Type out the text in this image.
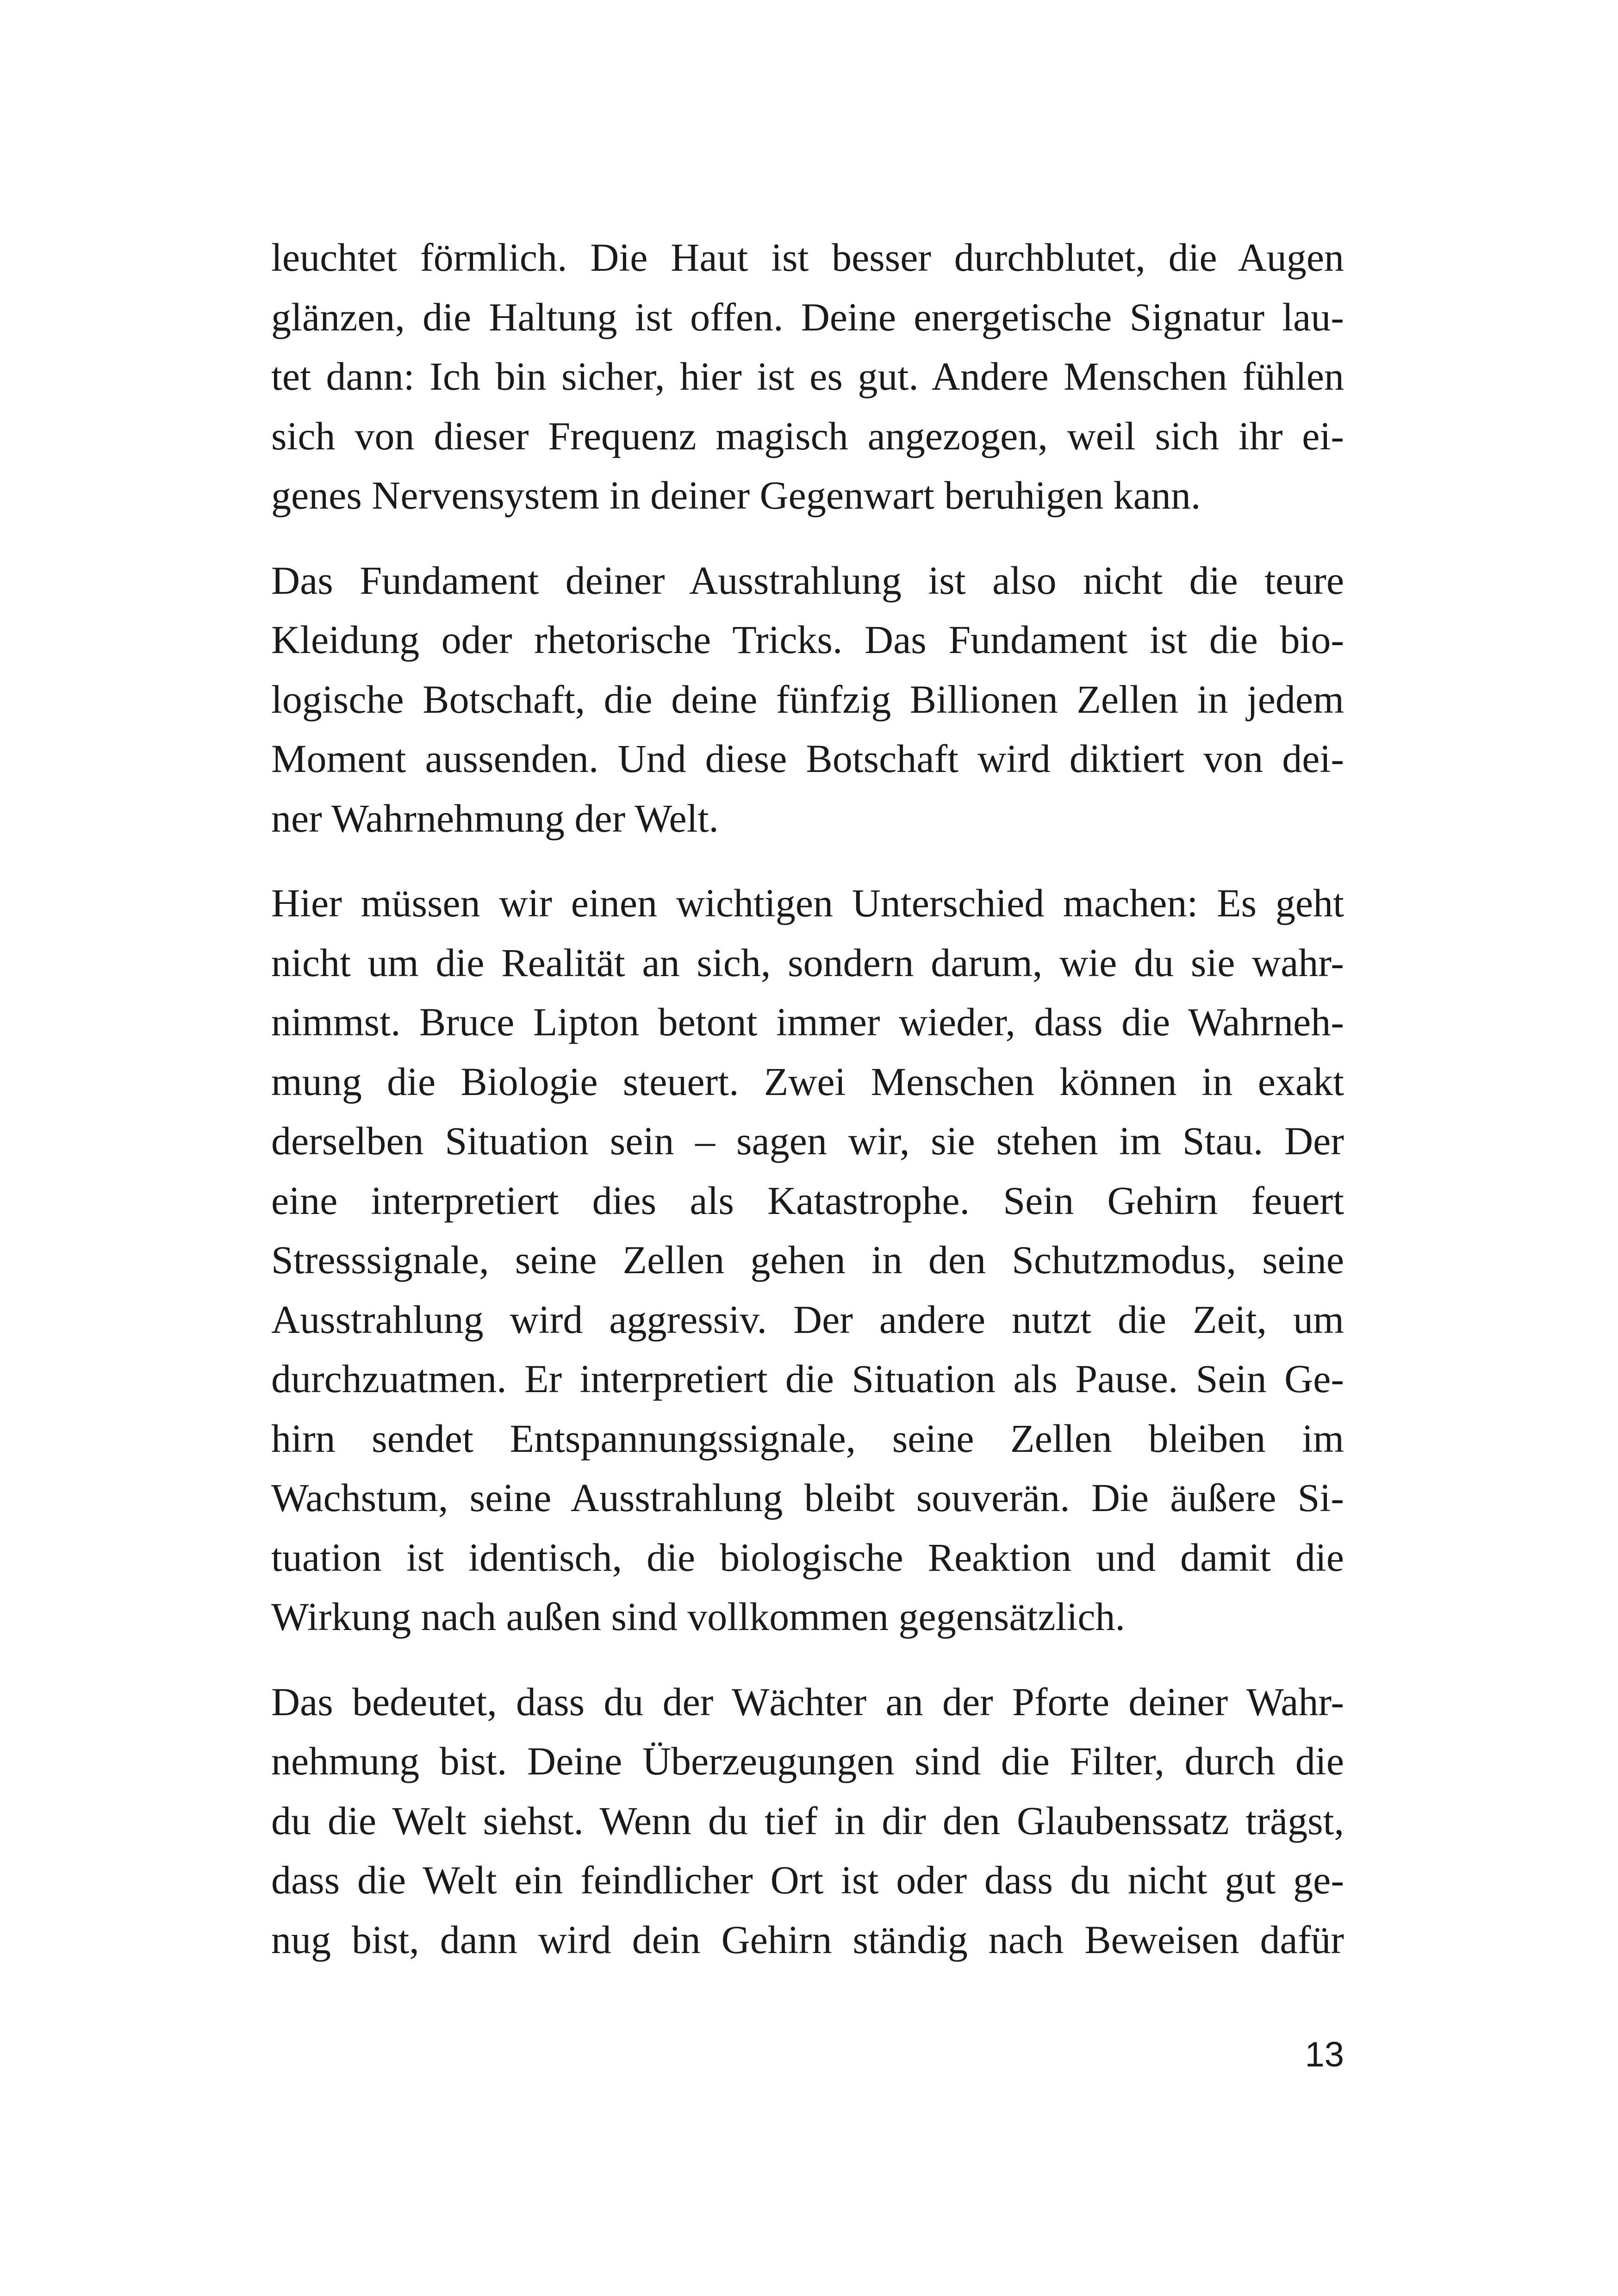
leuchtet förmlich. Die Haut ist besser durchblutet, die Augen
glänzen, die Haltung ist offen. Deine energetische Signatur lau-
tet dann: Ich bin sicher, hier ist es gut. Andere Menschen fühlen
sich von dieser Frequenz magisch angezogen, weil sich ihr ei-
genes Nervensystem in deiner Gegenwart beruhigen kann.

Das Fundament deiner Ausstrahlung ist also nicht die teure
Kleidung oder rhetorische Tricks. Das Fundament ist die bio-
logische Botschaft, die deine fünfzig Billionen Zellen in jedem
Moment aussenden. Und diese Botschaft wird diktiert von dei-
ner Wahrnehmung der Welt.

Hier müssen wir einen wichtigen Unterschied machen: Es geht
nicht um die Realität an sich, sondern darum, wie du sie wahr-
nimmst. Bruce Lipton betont immer wieder, dass die Wahrneh-
mung die Biologie steuert. Zwei Menschen können in exakt
derselben Situation sein – sagen wir, sie stehen im Stau. Der
eine interpretiert dies als Katastrophe. Sein Gehirn feuert
Stresssignale, seine Zellen gehen in den Schutzmodus, seine
Ausstrahlung wird aggressiv. Der andere nutzt die Zeit, um
durchzuatmen. Er interpretiert die Situation als Pause. Sein Ge-
hirn sendet Entspannungssignale, seine Zellen bleiben im
Wachstum, seine Ausstrahlung bleibt souverän. Die äußere Si-
tuation ist identisch, die biologische Reaktion und damit die
Wirkung nach außen sind vollkommen gegensätzlich.

Das bedeutet, dass du der Wächter an der Pforte deiner Wahr-
nehmung bist. Deine Überzeugungen sind die Filter, durch die
du die Welt siehst. Wenn du tief in dir den Glaubenssatz trägst,
dass die Welt ein feindlicher Ort ist oder dass du nicht gut ge-
nug bist, dann wird dein Gehirn ständig nach Beweisen dafür

13
